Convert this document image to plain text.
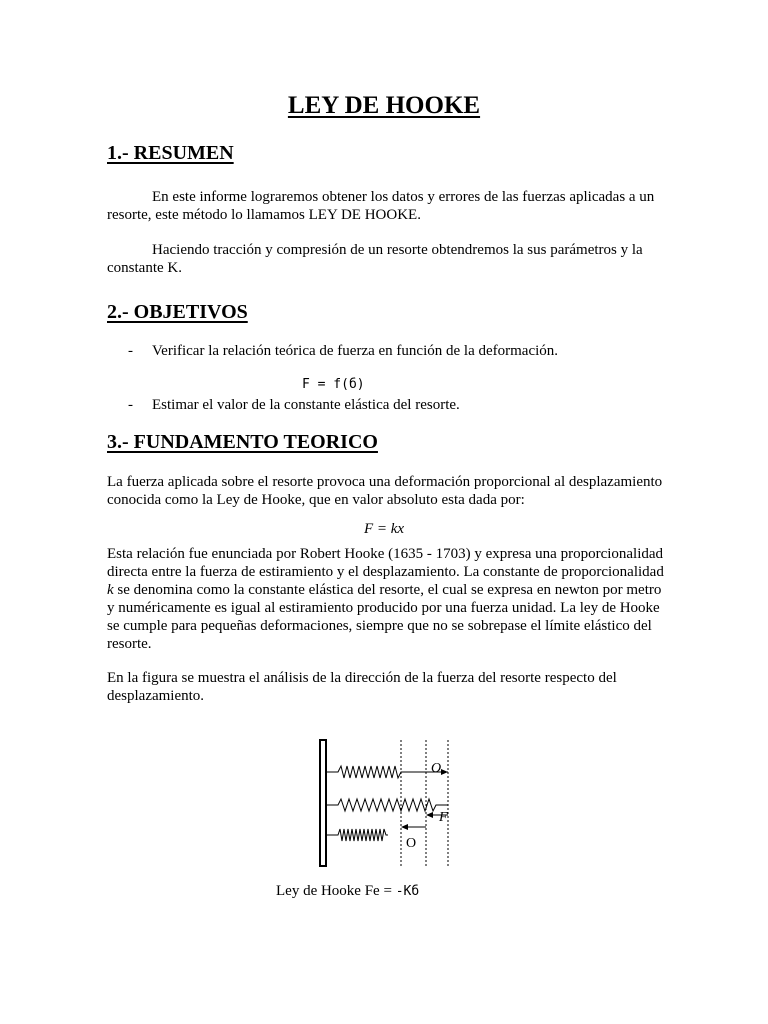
LEY DE HOOKE
1.- RESUMEN
En este informe lograremos obtener los datos y errores de las fuerzas aplicadas a un resorte, este método lo llamamos LEY DE HOOKE.
Haciendo tracción y compresión de un resorte obtendremos la sus parámetros y la constante K.
2.- OBJETIVOS
- Verificar la relación teórica de fuerza en función de la deformación.
F = f(б)
- Estimar el valor de la constante elástica del resorte.
3.- FUNDAMENTO TEORICO
La fuerza aplicada sobre el resorte provoca una deformación proporcional al desplazamiento conocida como la Ley de Hooke, que en valor absoluto esta dada por:
F = kx
Esta relación fue enunciada por Robert Hooke (1635 - 1703) y expresa una proporcionalidad directa entre la fuerza de estiramiento y el desplazamiento. La constante de proporcionalidad k se denomina como la constante elástica del resorte, el cual se expresa en newton por metro y numéricamente es igual al estiramiento producido por una fuerza unidad. La ley de Hooke se cumple para pequeñas deformaciones, siempre que no se sobrepase el límite elástico del resorte.
En la figura se muestra el análisis de la dirección de la fuerza del resorte respecto del desplazamiento.
O
F
O
Ley de Hooke Fe = -Kб
